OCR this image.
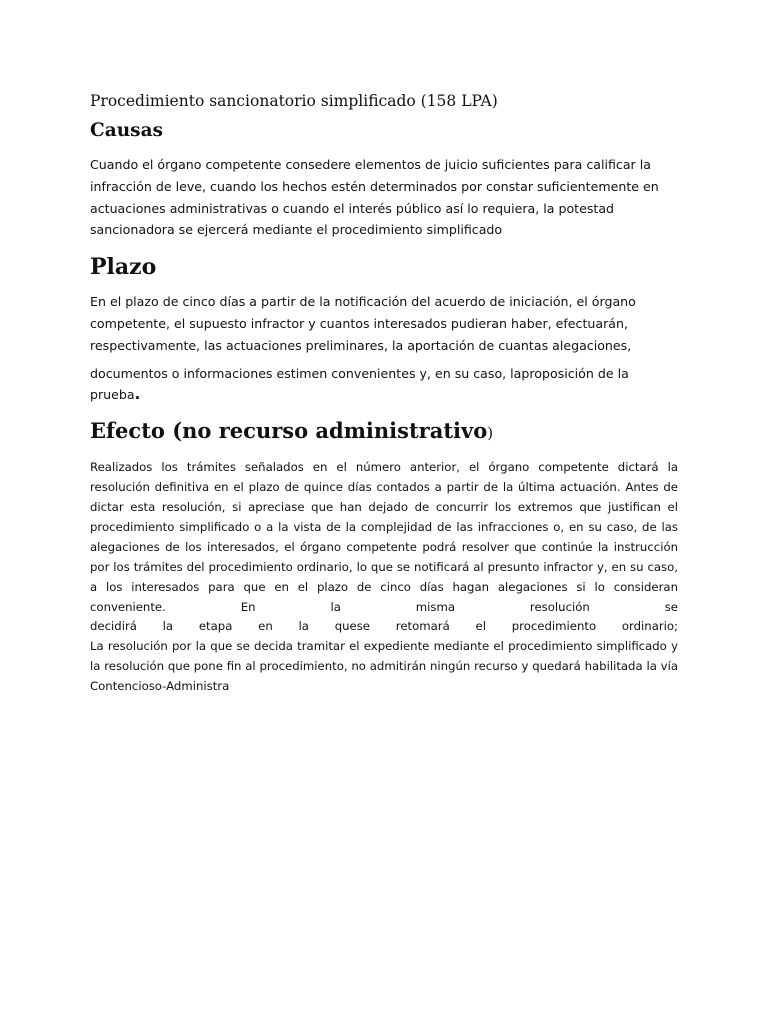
Procedimiento sancionatorio simplificado (158 LPA)
Causas

Cuando el órgano competente consedere elementos de juicio suficientes para calificar la infracción de leve, cuando los hechos estén determinados por constar suficientemente en actuaciones administrativas o cuando el interés público así lo requiera, la potestad sancionadora se ejercerá mediante el procedimiento simplificado

Plazo

En el plazo de cinco días a partir de la notificación del acuerdo de iniciación, el órgano competente, el supuesto infractor y cuantos interesados pudieran haber, efectuarán, respectivamente, las actuaciones preliminares, la aportación de cuantas alegaciones,
documentos o informaciones estimen convenientes y, en su caso, laproposición de la prueba.

Efecto (no recurso administrativo)

Realizados los trámites señalados en el número anterior, el órgano competente dictará la resolución definitiva en el plazo de quince días contados a partir de la última actuación. Antes de dictar esta resolución, si apreciase que han dejado de concurrir los extremos que justifican el procedimiento simplificado o a la vista de la complejidad de las infracciones o, en su caso, de las alegaciones de los interesados, el órgano competente podrá resolver que continúe la instrucción por los trámites del procedimiento ordinario, lo que se notificará al presunto infractor y, en su caso, a los interesados para que en el plazo de cinco días hagan alegaciones si lo consideran conveniente. En la misma resolución se
decidirá la etapa en la quese retomará el procedimiento ordinario;
La resolución por la que se decida tramitar el expediente mediante el procedimiento simplificado y la resolución que pone fin al procedimiento, no admitirán ningún recurso y quedará habilitada la vía
Contencioso-Administra
